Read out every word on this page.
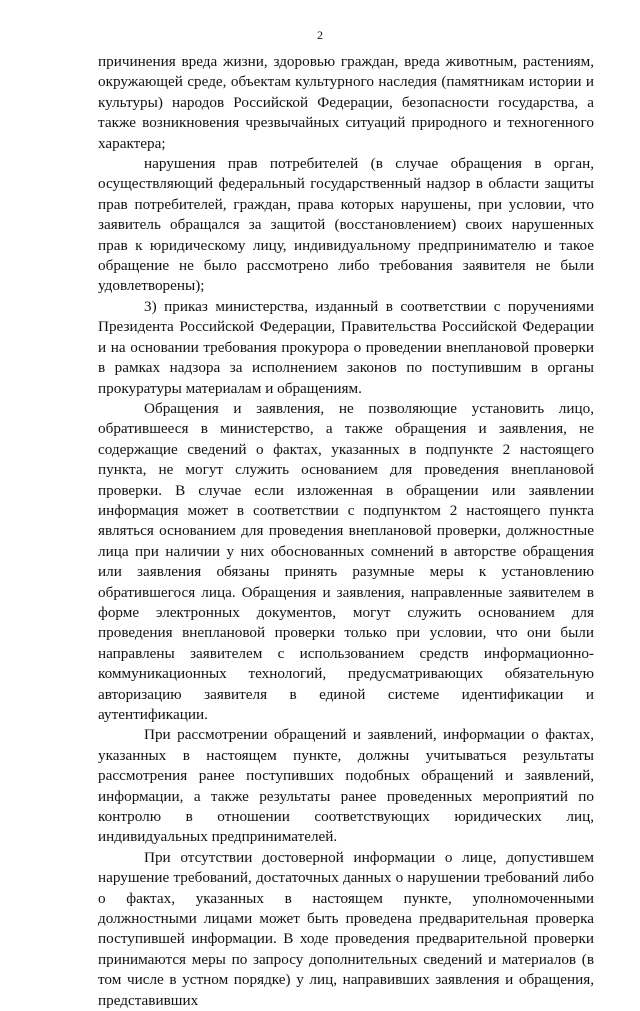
2

причинения вреда жизни, здоровью граждан, вреда животным, растениям, окружающей среде, объектам культурного наследия (памятникам истории и культуры) народов Российской Федерации, безопасности государства, а также возникновения чрезвычайных ситуаций природного и техногенного характера;

нарушения прав потребителей (в случае обращения в орган, осуществляющий федеральный государственный надзор в области защиты прав потребителей, граждан, права которых нарушены, при условии, что заявитель обращался за защитой (восстановлением) своих нарушенных прав к юридическому лицу, индивидуальному предпринимателю и такое обращение не было рассмотрено либо требования заявителя не были удовлетворены);

3) приказ министерства, изданный в соответствии с поручениями Президента Российской Федерации, Правительства Российской Федерации и на основании требования прокурора о проведении внеплановой проверки в рамках надзора за исполнением законов по поступившим в органы прокуратуры материалам и обращениям.

Обращения и заявления, не позволяющие установить лицо, обратившееся в министерство, а также обращения и заявления, не содержащие сведений о фактах, указанных в подпункте 2 настоящего пункта, не могут служить основанием для проведения внеплановой проверки. В случае если изложенная в обращении или заявлении информация может в соответствии с подпунктом 2 настоящего пункта являться основанием для проведения внеплановой проверки, должностные лица при наличии у них обоснованных сомнений в авторстве обращения или заявления обязаны принять разумные меры к установлению обратившегося лица. Обращения и заявления, направленные заявителем в форме электронных документов, могут служить основанием для проведения внеплановой проверки только при условии, что они были направлены заявителем с использованием средств информационно-коммуникационных технологий, предусматривающих обязательную авторизацию заявителя в единой системе идентификации и аутентификации.

При рассмотрении обращений и заявлений, информации о фактах, указанных в настоящем пункте, должны учитываться результаты рассмотрения ранее поступивших подобных обращений и заявлений, информации, а также результаты ранее проведенных мероприятий по контролю в отношении соответствующих юридических лиц, индивидуальных предпринимателей.

При отсутствии достоверной информации о лице, допустившем нарушение требований, достаточных данных о нарушении требований либо о фактах, указанных в настоящем пункте, уполномоченными должностными лицами может быть проведена предварительная проверка поступившей информации. В ходе проведения предварительной проверки принимаются меры по запросу дополнительных сведений и материалов (в том числе в устном порядке) у лиц, направивших заявления и обращения, представивших
